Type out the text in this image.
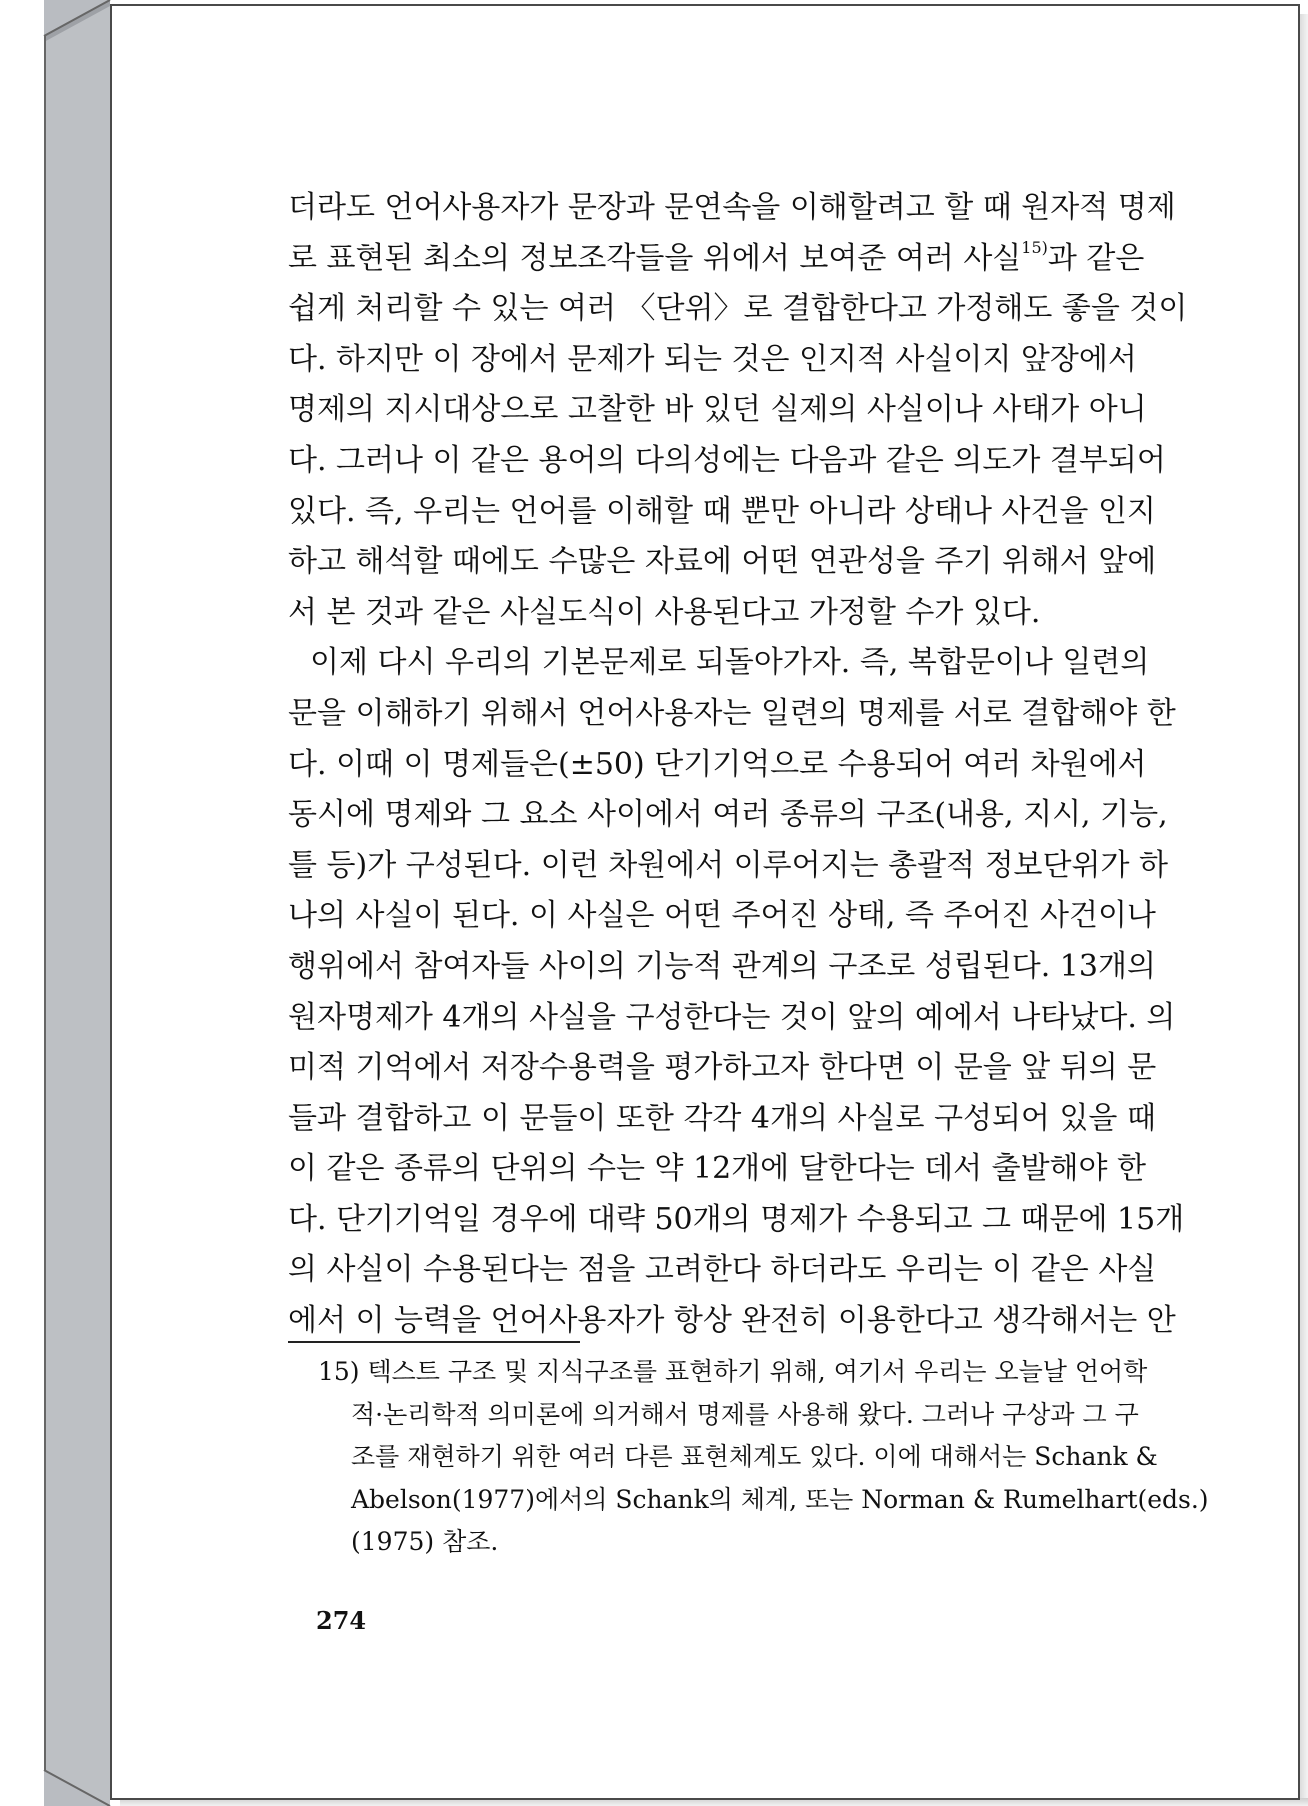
더라도 언어사용자가 문장과 문연속을 이해할려고 할 때 원자적 명제
로 표현된 최소의 정보조각들을 위에서 보여준 여러 사실$^{15)}$과 같은
쉽게 처리할 수 있는 여러 〈단위〉로 결합한다고 가정해도 좋을 것이
다. 하지만 이 장에서 문제가 되는 것은 인지적 사실이지 앞장에서
명제의 지시대상으로 고찰한 바 있던 실제의 사실이나 사태가 아니
다. 그러나 이 같은 용어의 다의성에는 다음과 같은 의도가 결부되어
있다. 즉, 우리는 언어를 이해할 때 뿐만 아니라 상태나 사건을 인지
하고 해석할 때에도 수많은 자료에 어떤 연관성을 주기 위해서 앞에
서 본 것과 같은 사실도식이 사용된다고 가정할 수가 있다.
이제 다시 우리의 기본문제로 되돌아가자. 즉, 복합문이나 일련의
문을 이해하기 위해서 언어사용자는 일련의 명제를 서로 결합해야 한
다. 이때 이 명제들은(±50) 단기기억으로 수용되어 여러 차원에서
동시에 명제와 그 요소 사이에서 여러 종류의 구조(내용, 지시, 기능,
틀 등)가 구성된다. 이런 차원에서 이루어지는 총괄적 정보단위가 하
나의 사실이 된다. 이 사실은 어떤 주어진 상태, 즉 주어진 사건이나
행위에서 참여자들 사이의 기능적 관계의 구조로 성립된다. 13개의
원자명제가 4개의 사실을 구성한다는 것이 앞의 예에서 나타났다. 의
미적 기억에서 저장수용력을 평가하고자 한다면 이 문을 앞 뒤의 문
들과 결합하고 이 문들이 또한 각각 4개의 사실로 구성되어 있을 때
이 같은 종류의 단위의 수는 약 12개에 달한다는 데서 출발해야 한
다. 단기기억일 경우에 대략 50개의 명제가 수용되고 그 때문에 15개
의 사실이 수용된다는 점을 고려한다 하더라도 우리는 이 같은 사실
에서 이 능력을 언어사용자가 항상 완전히 이용한다고 생각해서는 안
15) 텍스트 구조 및 지식구조를 표현하기 위해, 여기서 우리는 오늘날 언어학
적·논리학적 의미론에 의거해서 명제를 사용해 왔다. 그러나 구상과 그 구
조를 재현하기 위한 여러 다른 표현체계도 있다. 이에 대해서는 Schank &
Abelson(1977)에서의 Schank의 체계, 또는 Norman & Rumelhart(eds.)
(1975) 참조.
274
